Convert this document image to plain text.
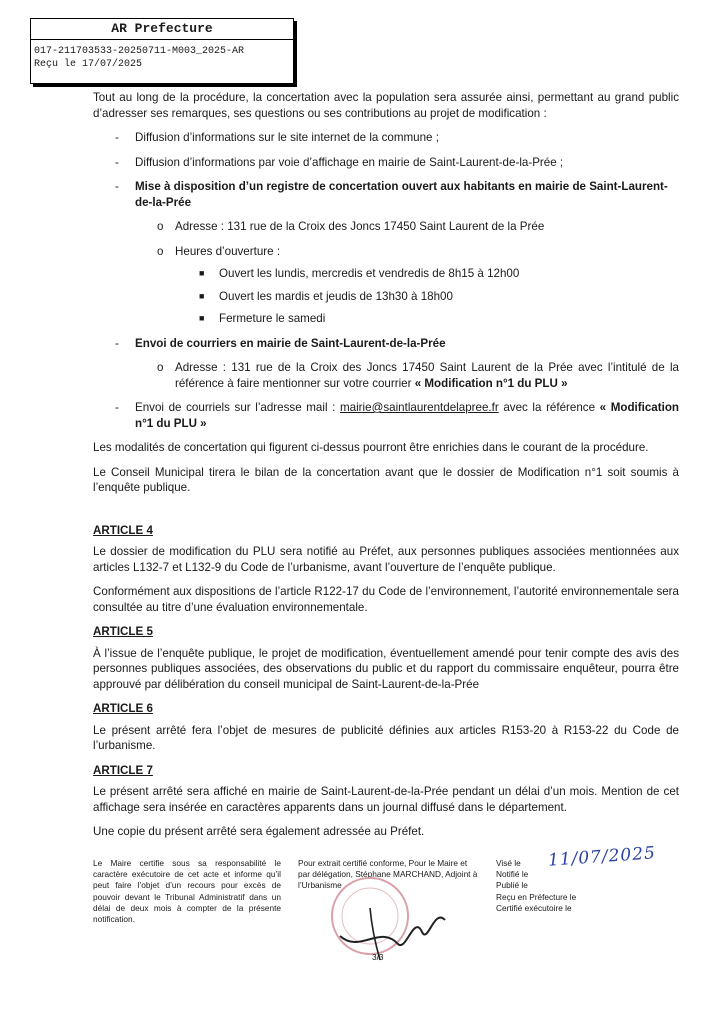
AR Prefecture
017-211703533-20250711-M003_2025-AR
Reçu le 17/07/2025

Tout au long de la procédure, la concertation avec la population sera assurée ainsi, permettant au grand public d’adresser ses remarques, ses questions ou ses contributions au projet de modification :

- Diffusion d’informations sur le site internet de la commune ;
- Diffusion d’informations par voie d’affichage en mairie de Saint-Laurent-de-la-Prée ;
- Mise à disposition d’un registre de concertation ouvert aux habitants en mairie de Saint-Laurent-de-la-Prée
o Adresse : 131 rue de la Croix des Joncs 17450 Saint Laurent de la Prée
o Heures d’ouverture :
■ Ouvert les lundis, mercredis et vendredis de 8h15 à 12h00
■ Ouvert les mardis et jeudis de 13h30 à 18h00
■ Fermeture le samedi
- Envoi de courriers en mairie de Saint-Laurent-de-la-Prée
o Adresse : 131 rue de la Croix des Joncs 17450 Saint Laurent de la Prée avec l’intitulé de la référence à faire mentionner sur votre courrier « Modification n°1 du PLU »
- Envoi de courriels sur l’adresse mail : mairie@saintlaurentdelapree.fr avec la référence « Modification n°1 du PLU »

Les modalités de concertation qui figurent ci-dessus pourront être enrichies dans le courant de la procédure.

Le Conseil Municipal tirera le bilan de la concertation avant que le dossier de Modification n°1 soit soumis à l’enquête publique.

ARTICLE 4

Le dossier de modification du PLU sera notifié au Préfet, aux personnes publiques associées mentionnées aux articles L132-7 et L132-9 du Code de l’urbanisme, avant l’ouverture de l’enquête publique.

Conformément aux dispositions de l’article R122-17 du Code de l’environnement, l’autorité environnementale sera consultée au titre d’une évaluation environnementale.

ARTICLE 5

À l’issue de l’enquête publique, le projet de modification, éventuellement amendé pour tenir compte des avis des personnes publiques associées, des observations du public et du rapport du commissaire enquêteur, pourra être approuvé par délibération du conseil municipal de Saint-Laurent-de-la-Prée

ARTICLE 6

Le présent arrêté fera l’objet de mesures de publicité définies aux articles R153-20 à R153-22 du Code de l’urbanisme.

ARTICLE 7

Le présent arrêté sera affiché en mairie de Saint-Laurent-de-la-Prée pendant un délai d’un mois. Mention de cet affichage sera insérée en caractères apparents dans un journal diffusé dans le département.

Une copie du présent arrêté sera également adressée au Préfet.

Le Maire certifie sous sa responsabilité le caractère exécutoire de cet acte et informe qu’il peut faire l’objet d’un recours pour excès de pouvoir devant le Tribunal Administratif dans un délai de deux mois à compter de la présente notification.
Pour extrait certifié conforme, Pour le Maire et par délégation, Stéphane MARCHAND, Adjoint à l’Urbanisme
Visé le
Notifié le
Publié le
Reçu en Préfecture le
Certifié exécutoire le
11/07/2025
3/3
